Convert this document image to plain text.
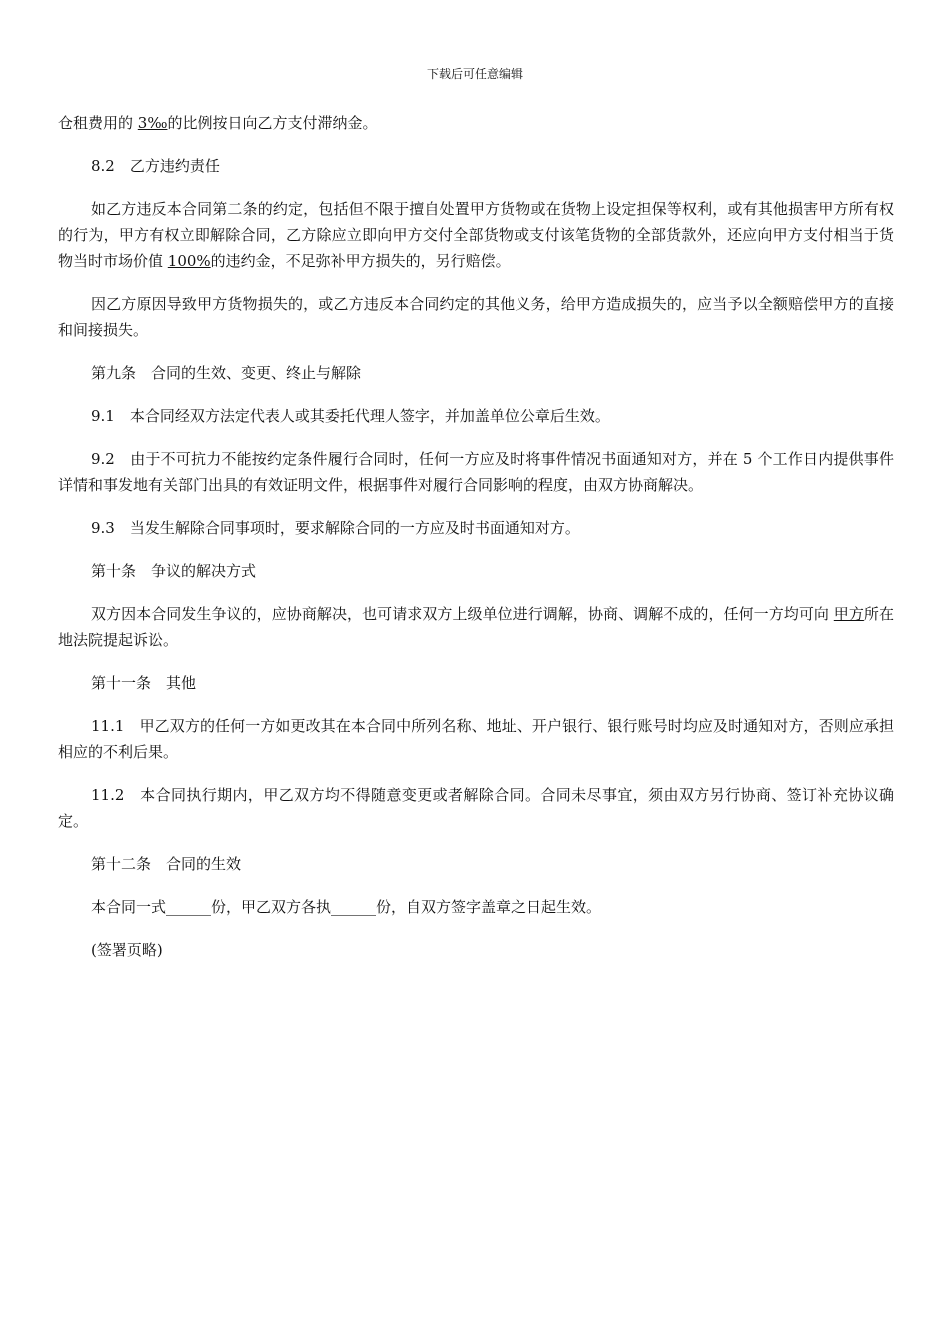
下载后可任意编辑

仓租费用的 3‰的比例按日向乙方支付滞纳金。

8.2　乙方违约责任

如乙方违反本合同第二条的约定，包括但不限于擅自处置甲方货物或在货物上设定担保等权利，或有其他损害甲方所有权的行为，甲方有权立即解除合同，乙方除应立即向甲方交付全部货物或支付该笔货物的全部货款外，还应向甲方支付相当于货物当时市场价值 100%的违约金，不足弥补甲方损失的，另行赔偿。

因乙方原因导致甲方货物损失的，或乙方违反本合同约定的其他义务，给甲方造成损失的，应当予以全额赔偿甲方的直接和间接损失。

第九条　合同的生效、变更、终止与解除

9.1　本合同经双方法定代表人或其委托代理人签字，并加盖单位公章后生效。

9.2　由于不可抗力不能按约定条件履行合同时，任何一方应及时将事件情况书面通知对方，并在 5 个工作日内提供事件详情和事发地有关部门出具的有效证明文件，根据事件对履行合同影响的程度，由双方协商解决。

9.3　当发生解除合同事项时，要求解除合同的一方应及时书面通知对方。

第十条　争议的解决方式

双方因本合同发生争议的，应协商解决，也可请求双方上级单位进行调解，协商、调解不成的，任何一方均可向 甲方所在地法院提起诉讼。

第十一条　其他

11.1　甲乙双方的任何一方如更改其在本合同中所列名称、地址、开户银行、银行账号时均应及时通知对方，否则应承担相应的不利后果。

11.2　本合同执行期内，甲乙双方均不得随意变更或者解除合同。合同未尽事宜，须由双方另行协商、签订补充协议确定。

第十二条　合同的生效

本合同一式______份，甲乙双方各执______份，自双方签字盖章之日起生效。

(签署页略)
